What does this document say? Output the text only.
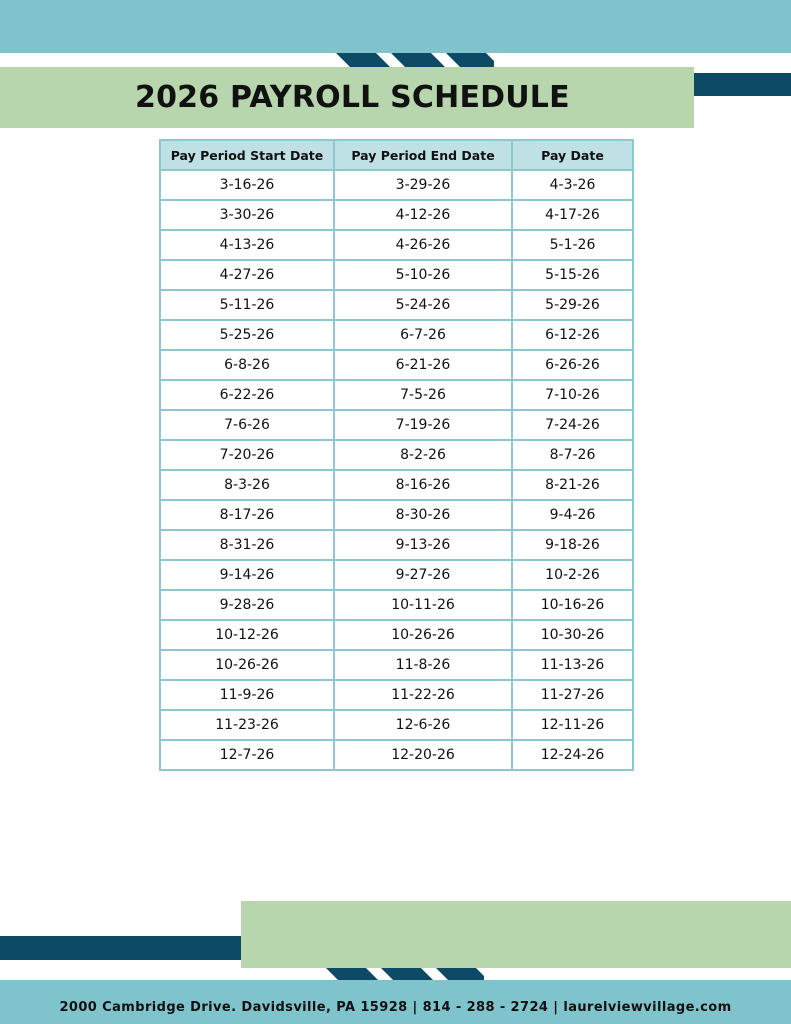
2026 PAYROLL SCHEDULE
Pay Period Start Date	Pay Period End Date	Pay Date
3-16-26	3-29-26	4-3-26
3-30-26	4-12-26	4-17-26
4-13-26	4-26-26	5-1-26
4-27-26	5-10-26	5-15-26
5-11-26	5-24-26	5-29-26
5-25-26	6-7-26	6-12-26
6-8-26	6-21-26	6-26-26
6-22-26	7-5-26	7-10-26
7-6-26	7-19-26	7-24-26
7-20-26	8-2-26	8-7-26
8-3-26	8-16-26	8-21-26
8-17-26	8-30-26	9-4-26
8-31-26	9-13-26	9-18-26
9-14-26	9-27-26	10-2-26
9-28-26	10-11-26	10-16-26
10-12-26	10-26-26	10-30-26
10-26-26	11-8-26	11-13-26
11-9-26	11-22-26	11-27-26
11-23-26	12-6-26	12-11-26
12-7-26	12-20-26	12-24-26
2000 Cambridge Drive. Davidsville, PA 15928 | 814 - 288 - 2724 | laurelviewvillage.com
